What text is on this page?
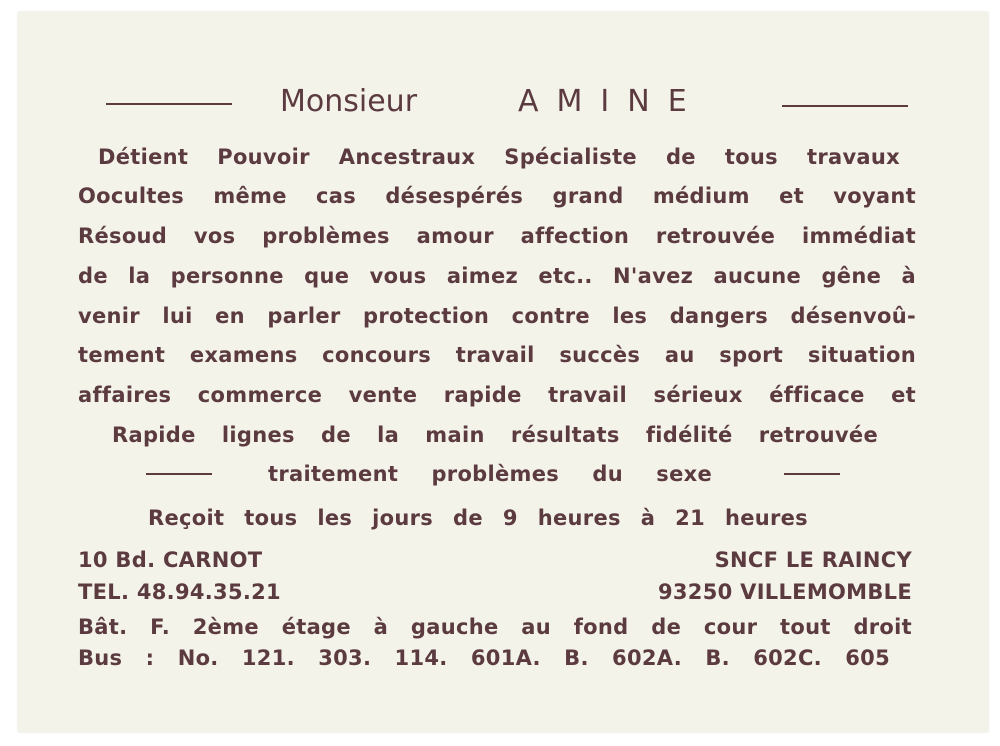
Monsieur	AMINE
Détient Pouvoir Ancestraux Spécialiste de tous travaux
Oocultes même cas désespérés grand médium et voyant
Résoud vos problèmes amour affection retrouvée immédiat
de la personne que vous aimez etc.. N'avez aucune gêne à
venir lui en parler protection contre les dangers désenvoû-
tement examens concours travail succès au sport situation
affaires commerce vente rapide travail sérieux éfficace et
Rapide lignes de la main résultats fidélité retrouvée
traitement problèmes du sexe
Reçoit tous les jours de 9 heures à 21 heures
10 Bd. CARNOT	SNCF LE RAINCY
TEL. 48.94.35.21	93250 VILLEMOMBLE
Bât. F. 2ème étage à gauche au fond de cour tout droit
Bus : No. 121. 303. 114. 601A. B. 602A. B. 602C. 605
